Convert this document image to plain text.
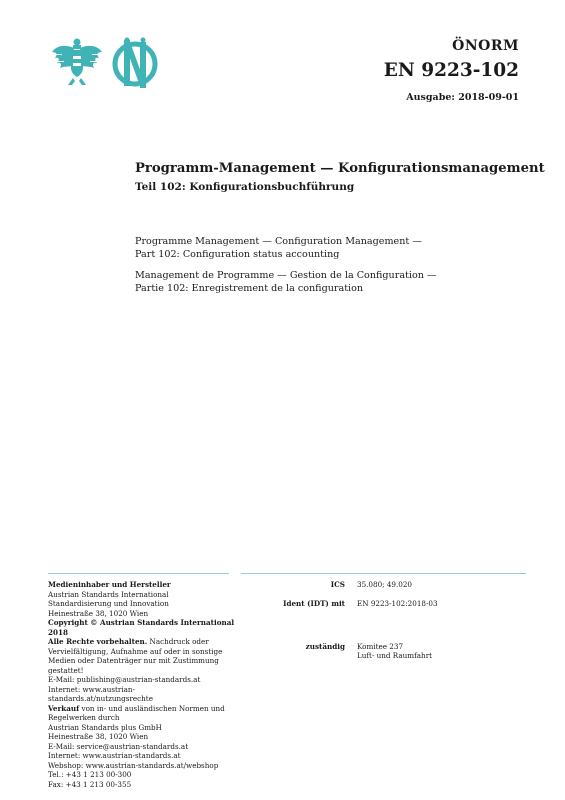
ÖNORM
EN 9223-102
Ausgabe: 2018-09-01
Programm-Management — Konfigurationsmanagement
Teil 102: Konfigurationsbuchführung
Programme Management — Configuration Management —
Part 102: Configuration status accounting
Management de Programme — Gestion de la Configuration —
Partie 102: Enregistrement de la configuration
Medieninhaber und Hersteller
Austrian Standards International
Standardisierung und Innovation
Heinestraße 38, 1020 Wien
Copyright © Austrian Standards International 2018
Alle Rechte vorbehalten. Nachdruck oder
Vervielfältigung, Aufnahme auf oder in sonstige
Medien oder Datenträger nur mit Zustimmung
gestattet!
E-Mail: publishing@austrian-standards.at
Internet: www.austrian-standards.at/nutzungsrechte
Verkauf von in- und ausländischen Normen und
Regelwerken durch
Austrian Standards plus GmbH
Heinestraße 38, 1020 Wien
E-Mail: service@austrian-standards.at
Internet: www.austrian-standards.at
Webshop: www.austrian-standards.at/webshop
Tel.: +43 1 213 00-300
Fax: +43 1 213 00-355
ICS 35.080; 49.020
Ident (IDT) mit EN 9223-102:2018-03
zuständig Komitee 237
Luft- und Raumfahrt
